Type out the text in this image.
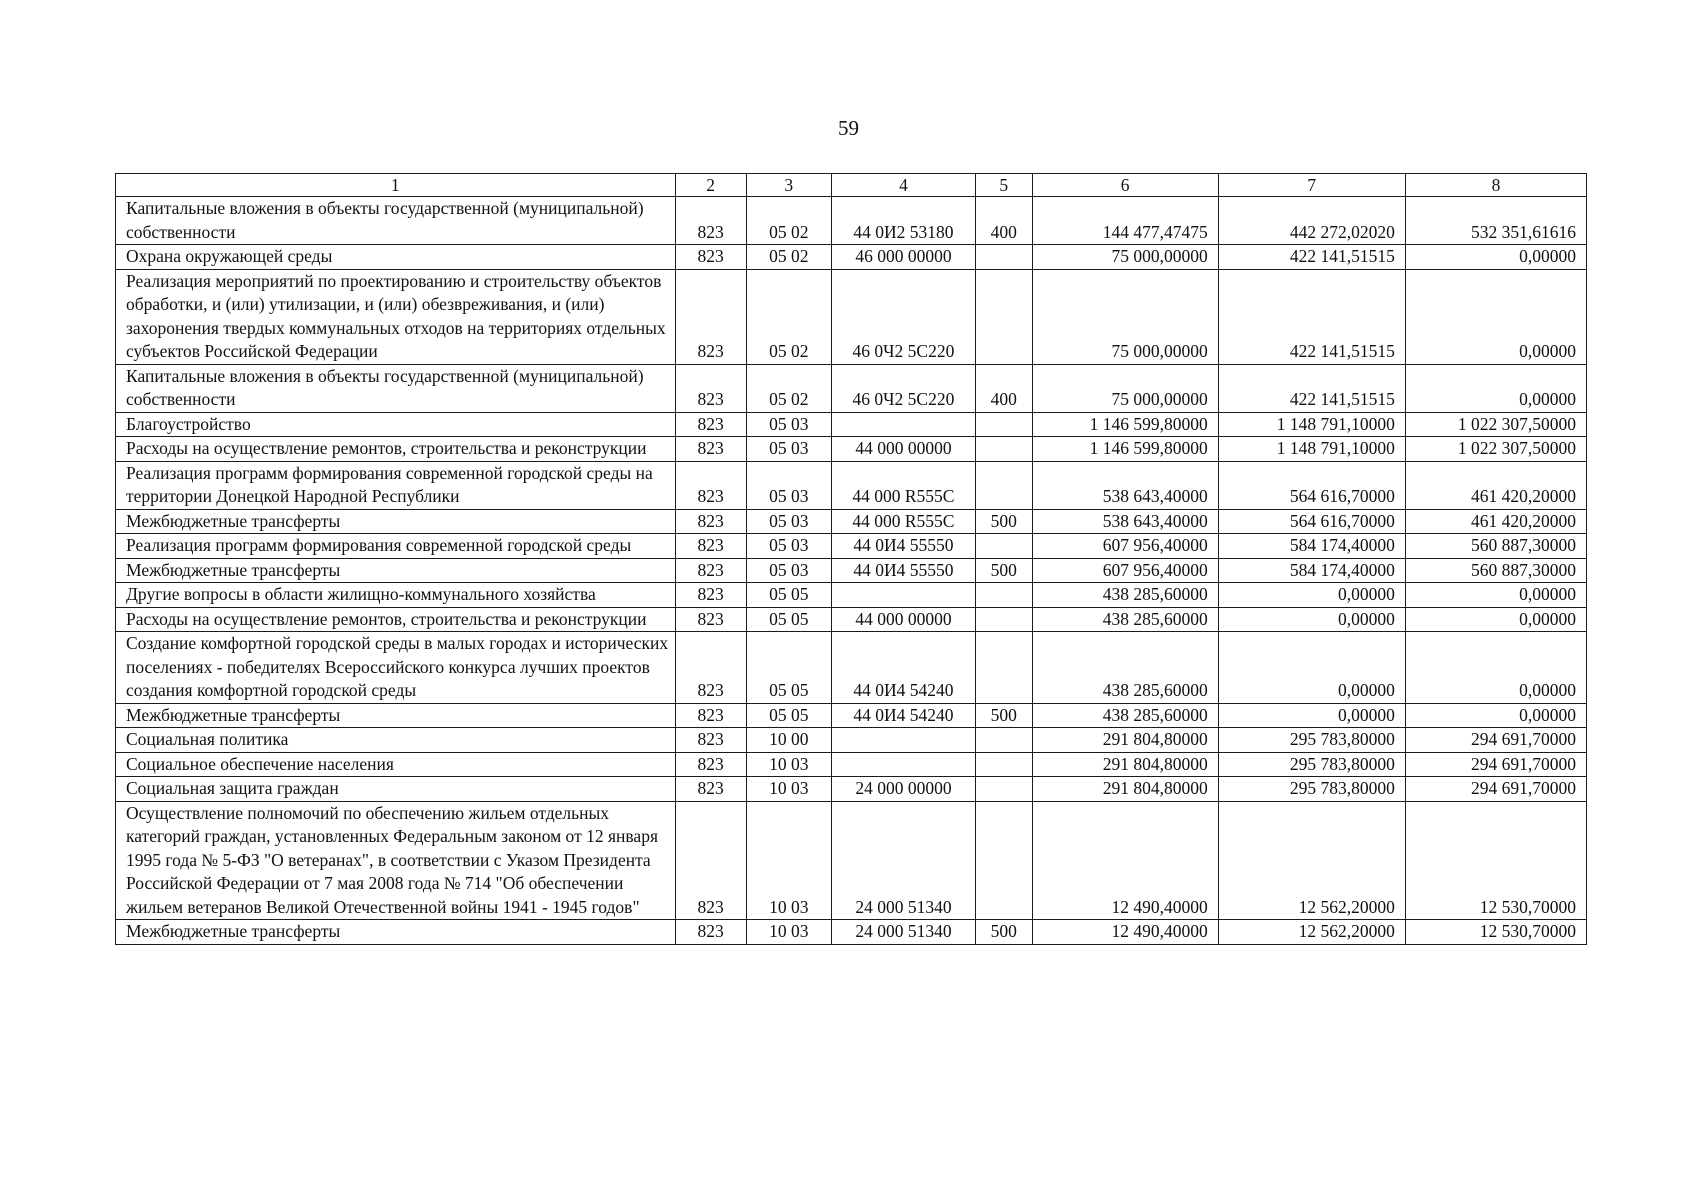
59
1	2	3	4	5	6	7	8
Капитальные вложения в объекты государственной (муниципальной) собственности	823	05 02	44 0И2 53180	400	144 477,47475	442 272,02020	532 351,61616
Охрана окружающей среды	823	05 02	46 000 00000		75 000,00000	422 141,51515	0,00000
Реализация мероприятий по проектированию и строительству объектов обработки, и (или) утилизации, и (или) обезвреживания, и (или) захоронения твердых коммунальных отходов на территориях отдельных субъектов Российской Федерации	823	05 02	46 0Ч2 5С220		75 000,00000	422 141,51515	0,00000
Капитальные вложения в объекты государственной (муниципальной) собственности	823	05 02	46 0Ч2 5С220	400	75 000,00000	422 141,51515	0,00000
Благоустройство	823	05 03			1 146 599,80000	1 148 791,10000	1 022 307,50000
Расходы на осуществление ремонтов, строительства и реконструкции	823	05 03	44 000 00000		1 146 599,80000	1 148 791,10000	1 022 307,50000
Реализация программ формирования современной городской среды на территории Донецкой Народной Республики	823	05 03	44 000 R555C		538 643,40000	564 616,70000	461 420,20000
Межбюджетные трансферты	823	05 03	44 000 R555C	500	538 643,40000	564 616,70000	461 420,20000
Реализация программ формирования современной городской среды	823	05 03	44 0И4 55550		607 956,40000	584 174,40000	560 887,30000
Межбюджетные трансферты	823	05 03	44 0И4 55550	500	607 956,40000	584 174,40000	560 887,30000
Другие вопросы в области жилищно-коммунального хозяйства	823	05 05			438 285,60000	0,00000	0,00000
Расходы на осуществление ремонтов, строительства и реконструкции	823	05 05	44 000 00000		438 285,60000	0,00000	0,00000
Создание комфортной городской среды в малых городах и исторических поселениях - победителях Всероссийского конкурса лучших проектов создания комфортной городской среды	823	05 05	44 0И4 54240		438 285,60000	0,00000	0,00000
Межбюджетные трансферты	823	05 05	44 0И4 54240	500	438 285,60000	0,00000	0,00000
Социальная политика	823	10 00			291 804,80000	295 783,80000	294 691,70000
Социальное обеспечение населения	823	10 03			291 804,80000	295 783,80000	294 691,70000
Социальная защита граждан	823	10 03	24 000 00000		291 804,80000	295 783,80000	294 691,70000
Осуществление полномочий по обеспечению жильем отдельных категорий граждан, установленных Федеральным законом от 12 января 1995 года № 5-ФЗ "О ветеранах", в соответствии с Указом Президента Российской Федерации от 7 мая 2008 года № 714 "Об обеспечении жильем ветеранов Великой Отечественной войны 1941 - 1945 годов"	823	10 03	24 000 51340		12 490,40000	12 562,20000	12 530,70000
Межбюджетные трансферты	823	10 03	24 000 51340	500	12 490,40000	12 562,20000	12 530,70000
